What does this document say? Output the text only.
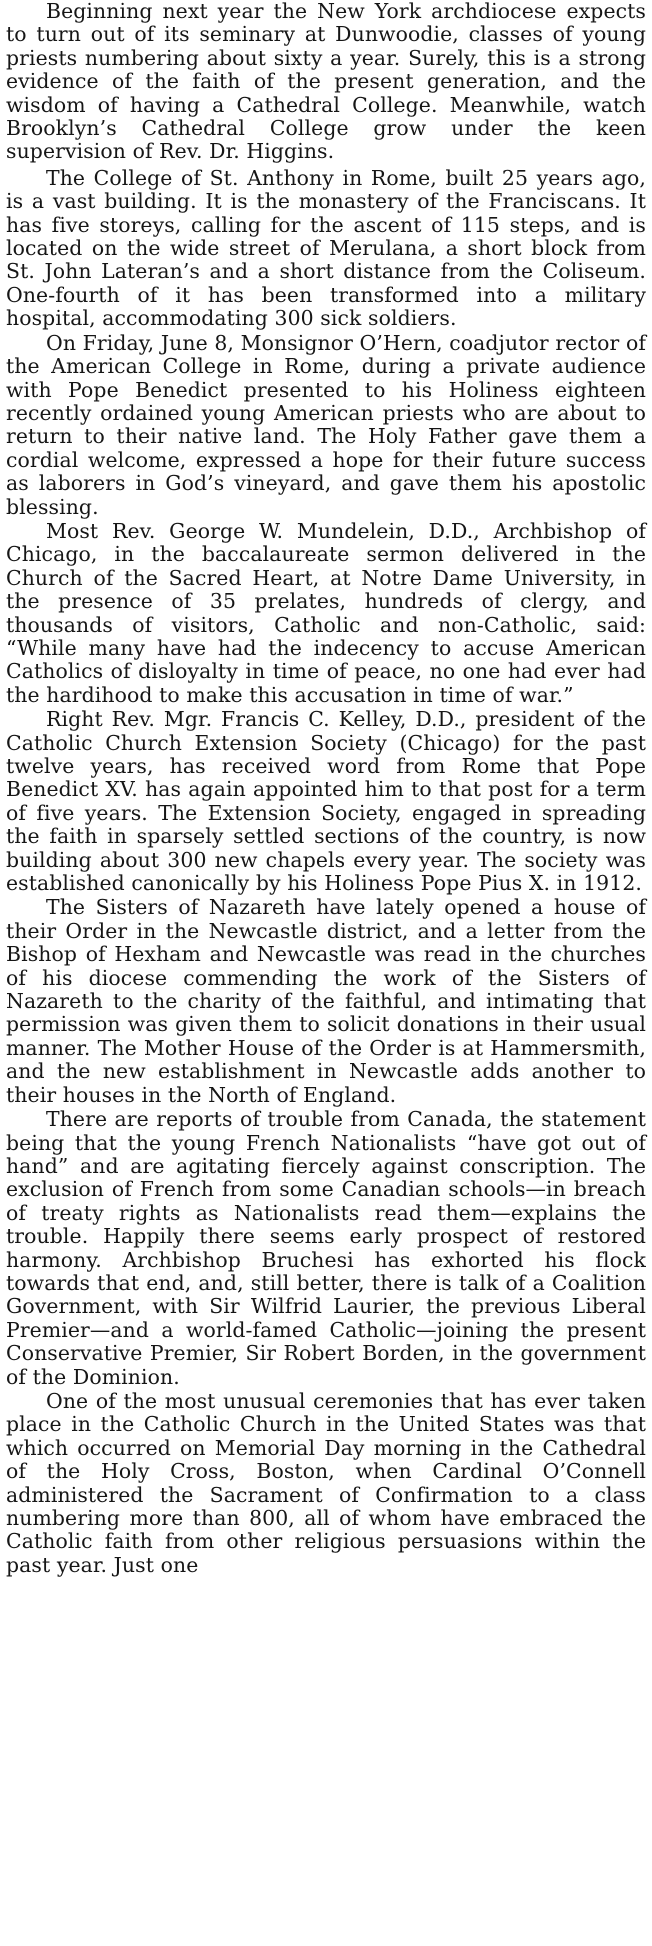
Beginning next year the New York archdiocese expects to turn out of its seminary at Dunwoodie, classes of young priests numbering about sixty a year. Surely, this is a strong evidence of the faith of the present generation, and the wisdom of having a Cathedral College. Meanwhile, watch Brooklyn’s Cathedral College grow under the keen supervision of Rev. Dr. Higgins.

The College of St. Anthony in Rome, built 25 years ago, is a vast building. It is the monastery of the Franciscans. It has five storeys, calling for the ascent of 115 steps, and is located on the wide street of Merulana, a short block from St. John Lateran’s and a short distance from the Coliseum. One-fourth of it has been transformed into a military hospital, accommodating 300 sick soldiers.

On Friday, June 8, Monsignor O’Hern, coadjutor rector of the American College in Rome, during a private audience with Pope Benedict presented to his Holiness eighteen recently ordained young American priests who are about to return to their native land. The Holy Father gave them a cordial welcome, expressed a hope for their future success as laborers in God’s vineyard, and gave them his apostolic blessing.

Most Rev. George W. Mundelein, D.D., Archbishop of Chicago, in the baccalaureate sermon delivered in the Church of the Sacred Heart, at Notre Dame University, in the presence of 35 prelates, hundreds of clergy, and thousands of visitors, Catholic and non-Catholic, said: “While many have had the indecency to accuse American Catholics of disloyalty in time of peace, no one had ever had the hardihood to make this accusation in time of war.”

Right Rev. Mgr. Francis C. Kelley, D.D., president of the Catholic Church Extension Society (Chicago) for the past twelve years, has received word from Rome that Pope Benedict XV. has again appointed him to that post for a term of five years. The Extension Society, engaged in spreading the faith in sparsely settled sections of the country, is now building about 300 new chapels every year. The society was established canonically by his Holiness Pope Pius X. in 1912.

The Sisters of Nazareth have lately opened a house of their Order in the Newcastle district, and a letter from the Bishop of Hexham and Newcastle was read in the churches of his diocese commending the work of the Sisters of Nazareth to the charity of the faithful, and intimating that permission was given them to solicit donations in their usual manner. The Mother House of the Order is at Hammersmith, and the new establishment in Newcastle adds another to their houses in the North of England.

There are reports of trouble from Canada, the statement being that the young French Nationalists “have got out of hand” and are agitating fiercely against conscription. The exclusion of French from some Canadian schools—in breach of treaty rights as Nationalists read them—explains the trouble. Happily there seems early prospect of restored harmony. Archbishop Bruchesi has exhorted his flock towards that end, and, still better, there is talk of a Coalition Government, with Sir Wilfrid Laurier, the previous Liberal Premier—and a world-famed Catholic—joining the present Conservative Premier, Sir Robert Borden, in the government of the Dominion.

One of the most unusual ceremonies that has ever taken place in the Catholic Church in the United States was that which occurred on Memorial Day morning in the Cathedral of the Holy Cross, Boston, when Cardinal O’Connell administered the Sacrament of Confirmation to a class numbering more than 800, all of whom have embraced the Catholic faith from other religious persuasions within the past year. Just one
